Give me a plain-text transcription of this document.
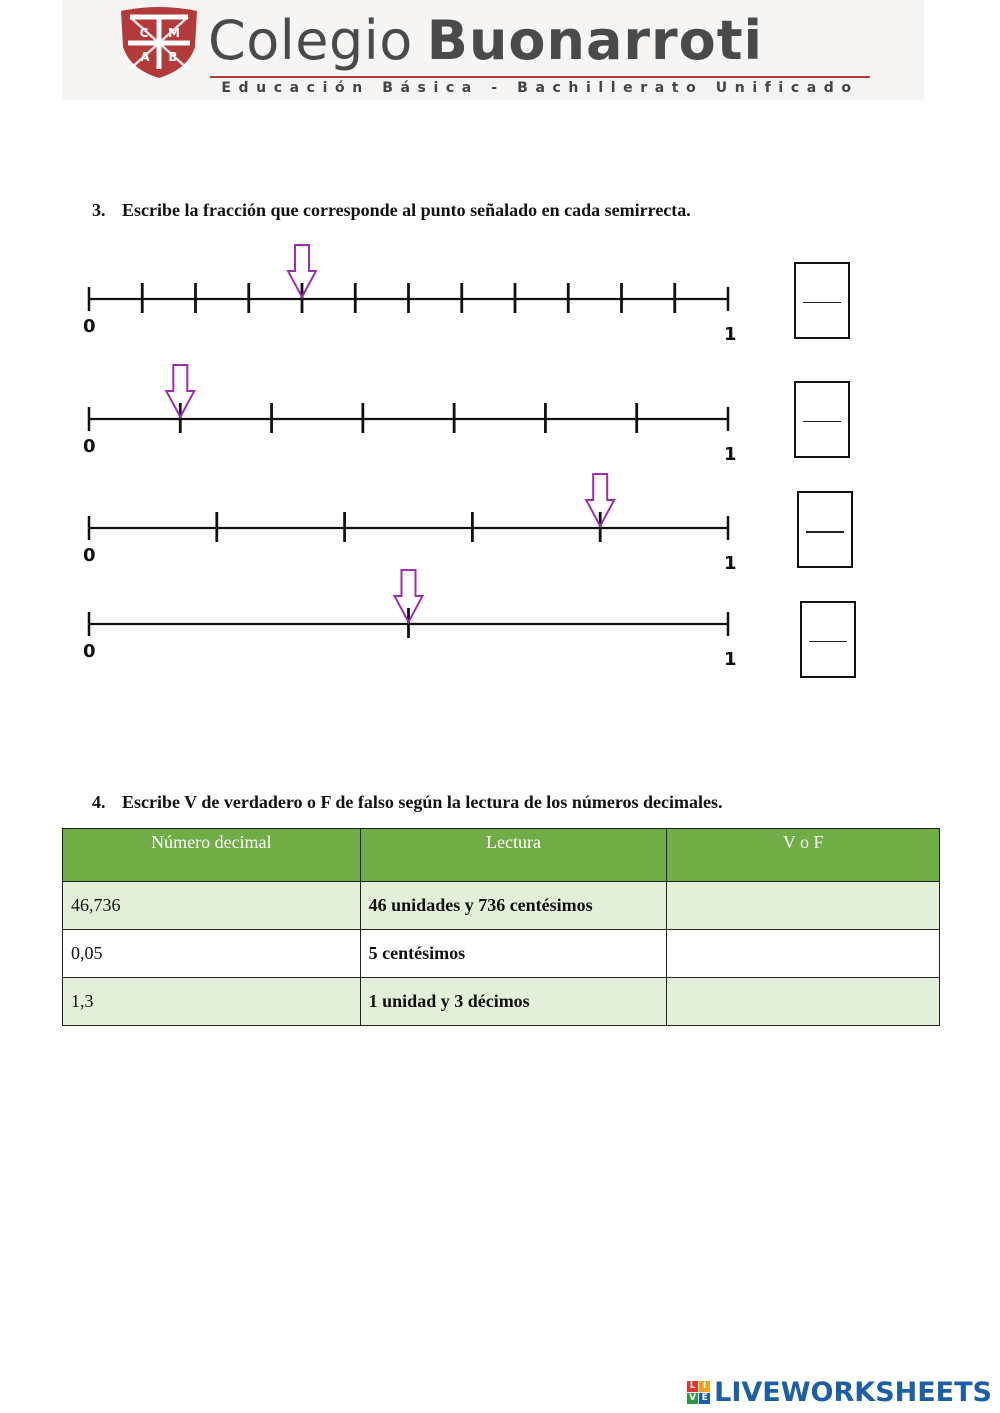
C M
A B Colegio Buonarroti
Educación Básica - Bachillerato Unificado
3. Escribe la fracción que corresponde al punto señalado en cada semirrecta.
0	1
0	1
0	1
0	1
4. Escribe V de verdadero o F de falso según la lectura de los números decimales.
Número decimal	Lectura	V o F
46,736	46 unidades y 736 centésimos	
0,05	5 centésimos	
1,3	1 unidad y 3 décimos	
L I
V E LIVEWORKSHEETS
